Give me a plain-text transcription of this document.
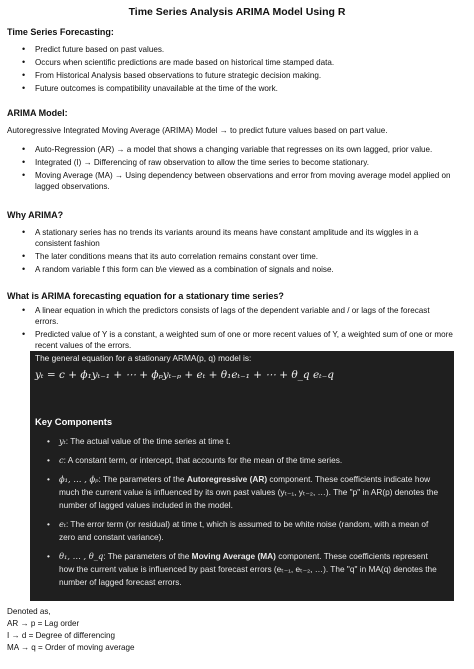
Time Series Analysis ARIMA Model Using R
Time Series Forecasting:
• Predict future based on past values.
• Occurs when scientific predictions are made based on historical time stamped data.
• From Historical Analysis based observations to future strategic decision making.
• Future outcomes is compatibility unavailable at the time of the work.
ARIMA Model:
Autoregressive Integrated Moving Average (ARIMA) Model → to predict future values based on part value.
• Auto-Regression (AR) → a model that shows a changing variable that regresses on its own lagged, prior value.
• Integrated (I) → Differencing of raw observation to allow the time series to become stationary.
• Moving Average (MA) → Using dependency between observations and error from moving average model applied on lagged observations.
Why ARIMA?
• A stationary series has no trends its variants around its means have constant amplitude and its wiggles in a consistent fashion
• The later conditions means that its auto correlation remains constant over time.
• A random variable f this form can b\e viewed as a combination of signals and noise.
What is ARIMA forecasting equation for a stationary time series?
• A linear equation in which the predictors consists of lags of the dependent variable and / or lags of the forecast errors.
• Predicted value of Y is a constant, a weighted sum of one or more recent values of Y, a weighted sum of one or more recent values of the errors.
The general equation for a stationary ARMA(p, q) model is:
yₜ = c + ϕ₁yₜ₋₁ + ⋯ + ϕₚyₜ₋ₚ + eₜ + θ₁eₜ₋₁ + ⋯ + θ_q eₜ₋q
Key Components
• yₜ: The actual value of the time series at time t.
• c: A constant term, or intercept, that accounts for the mean of the time series.
• ϕ₁, … , ϕₚ: The parameters of the Autoregressive (AR) component. These coefficients indicate how much the current value is influenced by its own past values (yₜ₋₁, yₜ₋₂, …). The "p" in AR(p) denotes the number of lagged values included in the model.
• eₜ: The error term (or residual) at time t, which is assumed to be white noise (random, with a mean of zero and constant variance).
• θ₁, … , θ_q: The parameters of the Moving Average (MA) component. These coefficients represent how the current value is influenced by past forecast errors (eₜ₋₁, eₜ₋₂, …). The "q" in MA(q) denotes the number of lagged forecast errors.
Denoted as,
AR → p = Lag order
I → d = Degree of differencing
MA → q = Order of moving average
